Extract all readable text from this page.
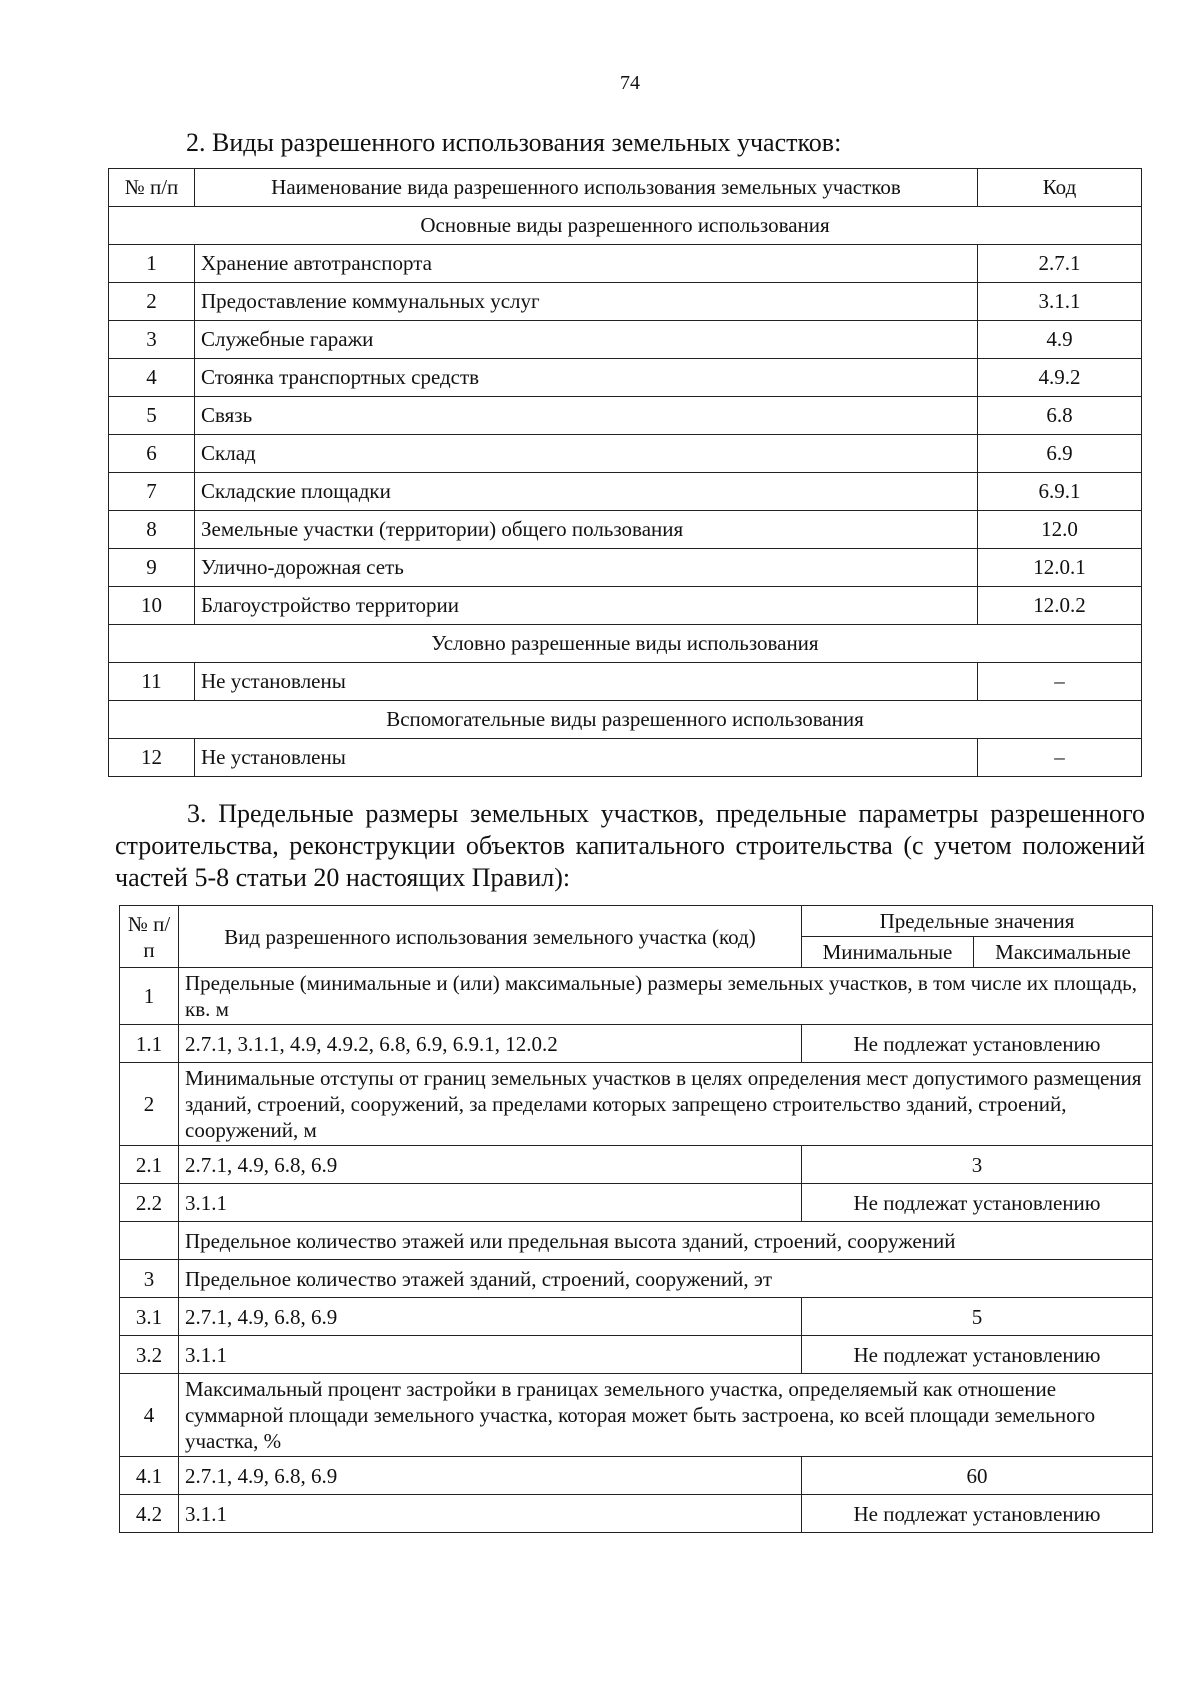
74
2. Виды разрешенного использования земельных участков:
№ п/п	Наименование вида разрешенного использования земельных участков	Код
Основные виды разрешенного использования		
1	Хранение автотранспорта	2.7.1
2	Предоставление коммунальных услуг	3.1.1
3	Служебные гаражи	4.9
4	Стоянка транспортных средств	4.9.2
5	Связь	6.8
6	Склад	6.9
7	Складские площадки	6.9.1
8	Земельные участки (территории) общего пользования	12.0
9	Улично-дорожная сеть	12.0.1
10	Благоустройство территории	12.0.2
Условно разрешенные виды использования		
11	Не установлены	–
Вспомогательные виды разрешенного использования		
12	Не установлены	–
3. Предельные размеры земельных участков, предельные параметры разрешенного строительства, реконструкции объектов капитального строительства (с учетом положений частей 5-8 статьи 20 настоящих Правил):
№ п/п	Вид разрешенного использования земельного участка (код)	Предельные значения	
		Минимальные	Максимальные
1	Предельные (минимальные и (или) максимальные) размеры земельных участков, в том числе их площадь, кв. м		
1.1	2.7.1, 3.1.1, 4.9, 4.9.2, 6.8, 6.9, 6.9.1, 12.0.2	Не подлежат установлению	
2	Минимальные отступы от границ земельных участков в целях определения мест допустимого размещения зданий, строений, сооружений, за пределами которых запрещено строительство зданий, строений, сооружений, м		
2.1	2.7.1, 4.9, 6.8, 6.9	3	
2.2	3.1.1	Не подлежат установлению	
	Предельное количество этажей или предельная высота зданий, строений, сооружений		
3	Предельное количество этажей зданий, строений, сооружений, эт		
3.1	2.7.1, 4.9, 6.8, 6.9	5	
3.2	3.1.1	Не подлежат установлению	
4	Максимальный процент застройки в границах земельного участка, определяемый как отношение суммарной площади земельного участка, которая может быть застроена, ко всей площади земельного участка, %		
4.1	2.7.1, 4.9, 6.8, 6.9	60	
4.2	3.1.1	Не подлежат установлению	
